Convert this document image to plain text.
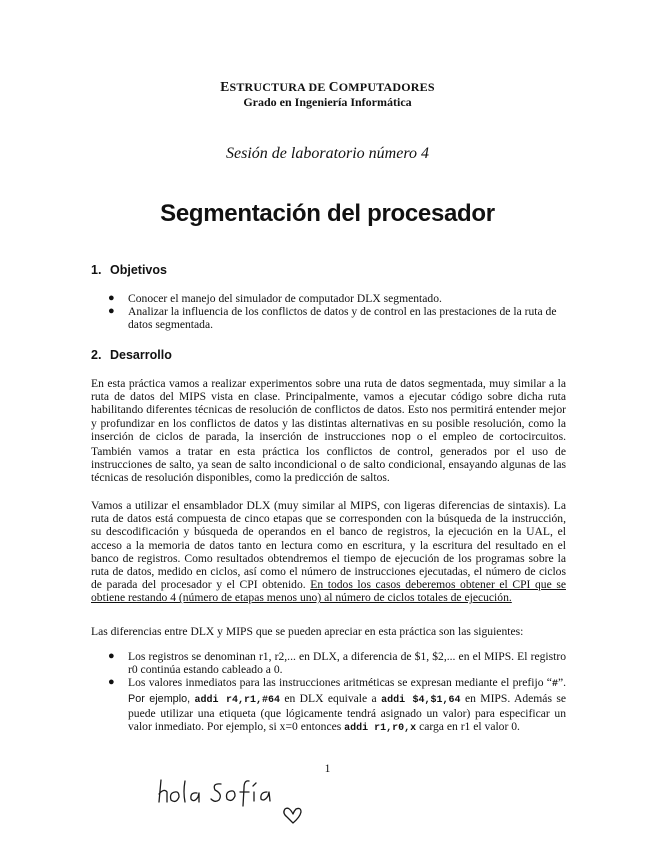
ESTRUCTURA DE COMPUTADORES
Grado en Ingeniería Informática
Sesión de laboratorio número 4
Segmentación del procesador
1. Objetivos
● Conocer el manejo del simulador de computador DLX segmentado.
● Analizar la influencia de los conflictos de datos y de control en las prestaciones de la ruta de datos segmentada.
2. Desarrollo

En esta práctica vamos a realizar experimentos sobre una ruta de datos segmentada, muy similar a la ruta de datos del MIPS vista en clase. Principalmente, vamos a ejecutar código sobre dicha ruta habilitando diferentes técnicas de resolución de conflictos de datos. Esto nos permitirá entender mejor y profundizar en los conflictos de datos y las distintas alternativas en su posible resolución, como la inserción de ciclos de parada, la inserción de instrucciones nop o el empleo de cortocircuitos. También vamos a tratar en esta práctica los conflictos de control, generados por el uso de instrucciones de salto, ya sean de salto incondicional o de salto condicional, ensayando algunas de las técnicas de resolución disponibles, como la predicción de saltos.

Vamos a utilizar el ensamblador DLX (muy similar al MIPS, con ligeras diferencias de sintaxis). La ruta de datos está compuesta de cinco etapas que se corresponden con la búsqueda de la instrucción, su descodificación y búsqueda de operandos en el banco de registros, la ejecución en la UAL, el acceso a la memoria de datos tanto en lectura como en escritura, y la escritura del resultado en el banco de registros. Como resultados obtendremos el tiempo de ejecución de los programas sobre la ruta de datos, medido en ciclos, así como el número de instrucciones ejecutadas, el número de ciclos de parada del procesador y el CPI obtenido. En todos los casos deberemos obtener el CPI que se obtiene restando 4 (número de etapas menos uno) al número de ciclos totales de ejecución.

Las diferencias entre DLX y MIPS que se pueden apreciar en esta práctica son las siguientes:

● Los registros se denominan r1, r2,... en DLX, a diferencia de $1, $2,... en el MIPS. El registro r0 continúa estando cableado a 0.
● Los valores inmediatos para las instrucciones aritméticas se expresan mediante el prefijo “#”. Por ejemplo, addi r4,r1,#64 en DLX equivale a addi $4,$1,64 en MIPS. Además se puede utilizar una etiqueta (que lógicamente tendrá asignado un valor) para especificar un valor inmediato. Por ejemplo, si x=0 entonces addi r1,r0,x carga en r1 el valor 0.
1
